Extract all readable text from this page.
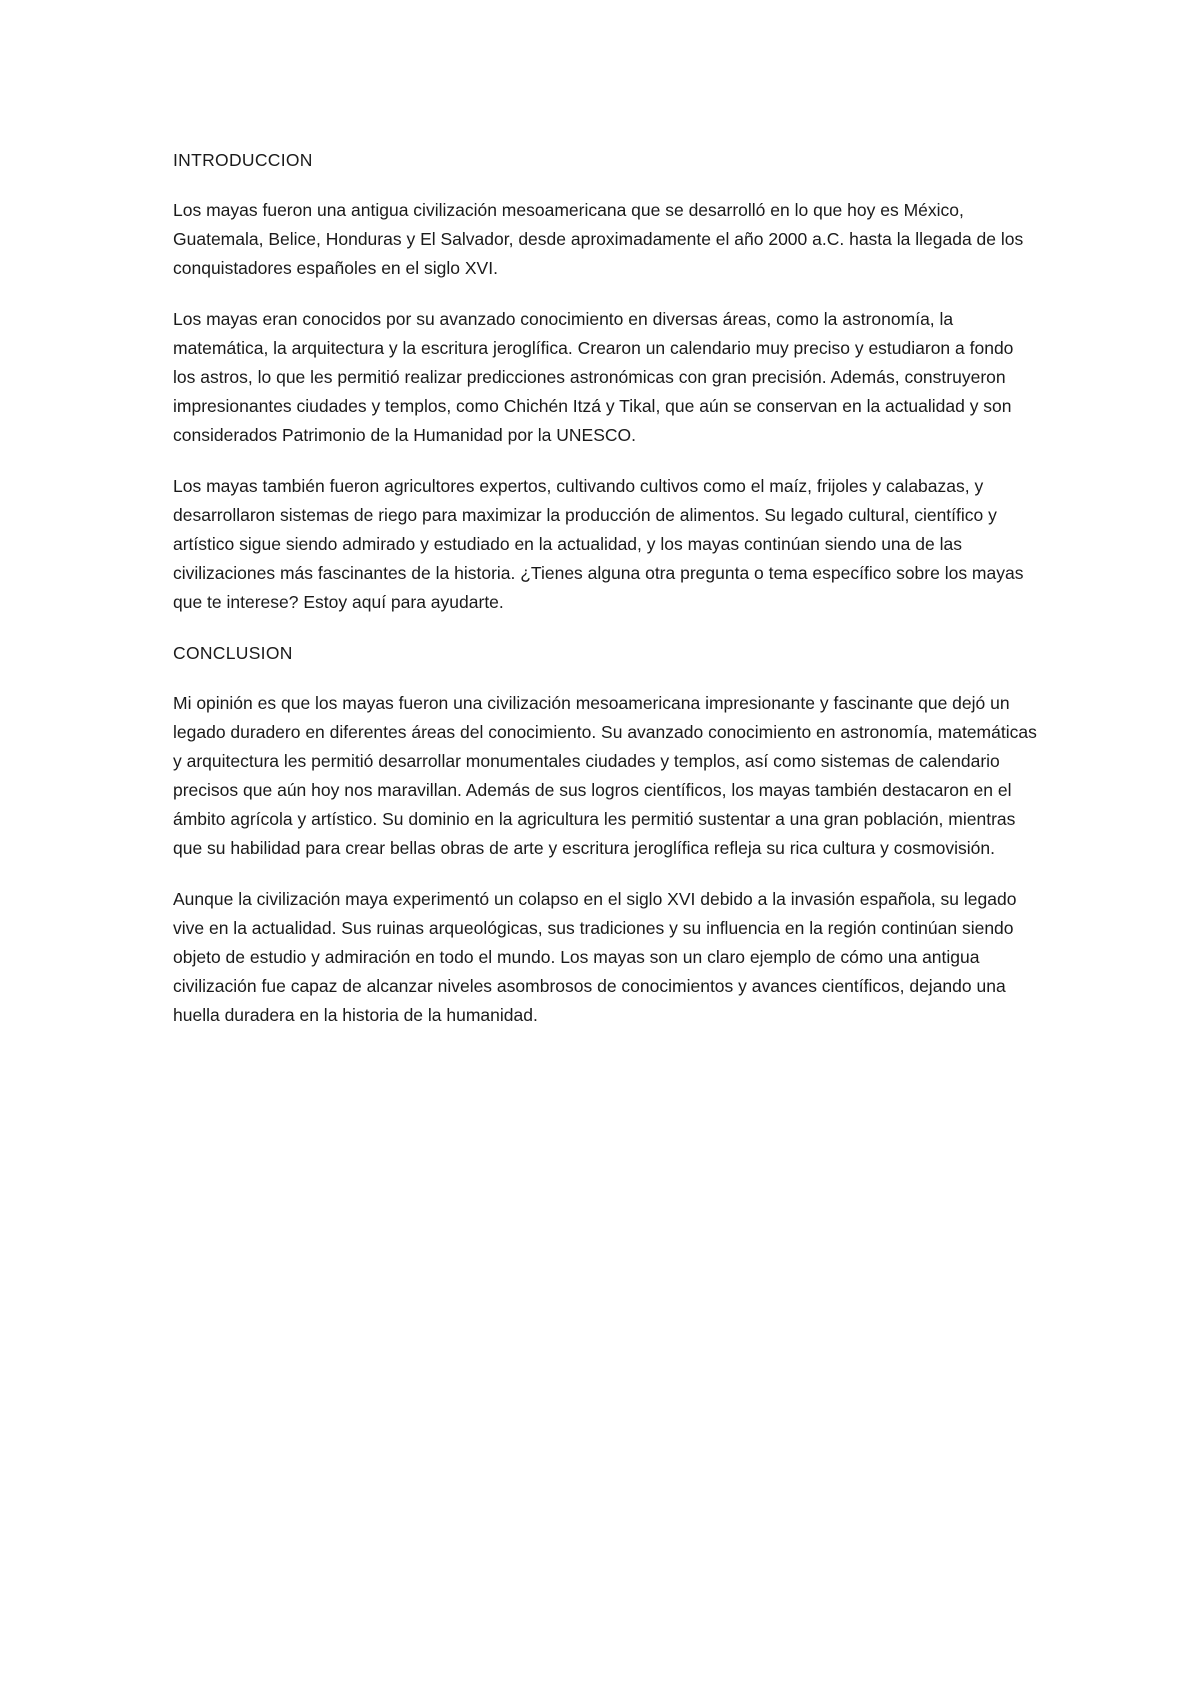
INTRODUCCION

Los mayas fueron una antigua civilización mesoamericana que se desarrolló en lo que hoy es México, Guatemala, Belice, Honduras y El Salvador, desde aproximadamente el año 2000 a.C. hasta la llegada de los conquistadores españoles en el siglo XVI.

Los mayas eran conocidos por su avanzado conocimiento en diversas áreas, como la astronomía, la matemática, la arquitectura y la escritura jeroglífica. Crearon un calendario muy preciso y estudiaron a fondo los astros, lo que les permitió realizar predicciones astronómicas con gran precisión. Además, construyeron impresionantes ciudades y templos, como Chichén Itzá y Tikal, que aún se conservan en la actualidad y son considerados Patrimonio de la Humanidad por la UNESCO.

Los mayas también fueron agricultores expertos, cultivando cultivos como el maíz, frijoles y calabazas, y desarrollaron sistemas de riego para maximizar la producción de alimentos. Su legado cultural, científico y artístico sigue siendo admirado y estudiado en la actualidad, y los mayas continúan siendo una de las civilizaciones más fascinantes de la historia. ¿Tienes alguna otra pregunta o tema específico sobre los mayas que te interese? Estoy aquí para ayudarte.

CONCLUSION

Mi opinión es que los mayas fueron una civilización mesoamericana impresionante y fascinante que dejó un legado duradero en diferentes áreas del conocimiento. Su avanzado conocimiento en astronomía, matemáticas y arquitectura les permitió desarrollar monumentales ciudades y templos, así como sistemas de calendario precisos que aún hoy nos maravillan. Además de sus logros científicos, los mayas también destacaron en el ámbito agrícola y artístico. Su dominio en la agricultura les permitió sustentar a una gran población, mientras que su habilidad para crear bellas obras de arte y escritura jeroglífica refleja su rica cultura y cosmovisión.

Aunque la civilización maya experimentó un colapso en el siglo XVI debido a la invasión española, su legado vive en la actualidad. Sus ruinas arqueológicas, sus tradiciones y su influencia en la región continúan siendo objeto de estudio y admiración en todo el mundo. Los mayas son un claro ejemplo de cómo una antigua civilización fue capaz de alcanzar niveles asombrosos de conocimientos y avances científicos, dejando una huella duradera en la historia de la humanidad.
